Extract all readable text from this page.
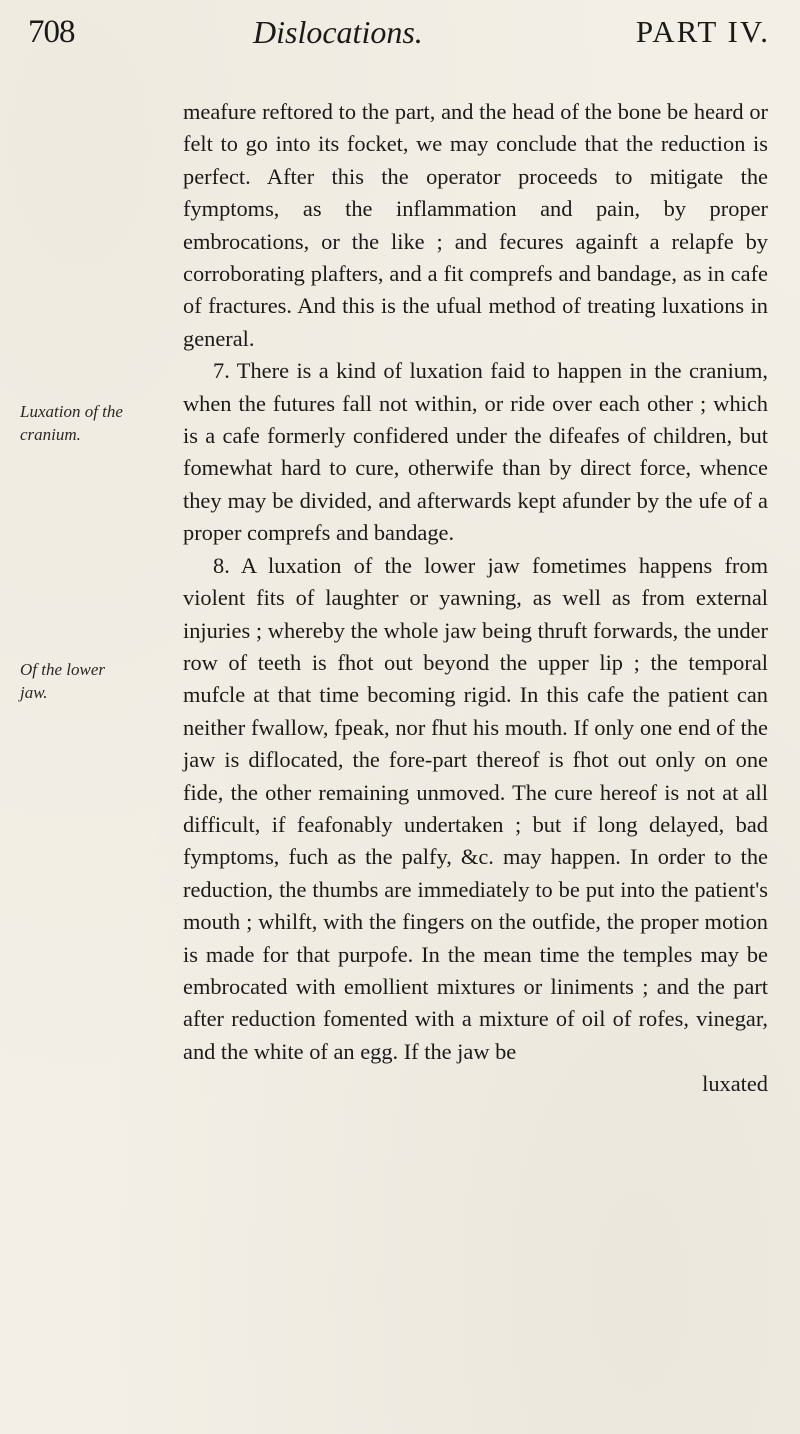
708	Dislocations.	PART IV.
Luxation of the cranium.
Of the lower jaw.

meafure reftored to the part, and the head of the bone be heard or felt to go into its focket, we may conclude that the reduction is perfect. After this the operator proceeds to mitigate the fymptoms, as the inflammation and pain, by proper embrocations, or the like ; and fecures againft a relapfe by corroborating plafters, and a fit comprefs and bandage, as in cafe of fractures. And this is the ufual method of treating luxations in general.

7. There is a kind of luxation faid to happen in the cranium, when the futures fall not within, or ride over each other ; which is a cafe formerly confidered under the difeafes of children, but fomewhat hard to cure, otherwife than by direct force, whence they may be divided, and afterwards kept afunder by the ufe of a proper comprefs and bandage.

8. A luxation of the lower jaw fometimes happens from violent fits of laughter or yawning, as well as from external injuries ; whereby the whole jaw being thruft forwards, the under row of teeth is fhot out beyond the upper lip ; the temporal mufcle at that time becoming rigid. In this cafe the patient can neither fwallow, fpeak, nor fhut his mouth. If only one end of the jaw is diflocated, the fore-part thereof is fhot out only on one fide, the other remaining unmoved. The cure hereof is not at all difficult, if feafonably undertaken ; but if long delayed, bad fymptoms, fuch as the palfy, &c. may happen. In order to the reduction, the thumbs are immediately to be put into the patient's mouth ; whilft, with the fingers on the outfide, the proper motion is made for that purpofe. In the mean time the temples may be embrocated with emollient mixtures or liniments ; and the part after reduction fomented with a mixture of oil of rofes, vinegar, and the white of an egg. If the jaw be

luxated
